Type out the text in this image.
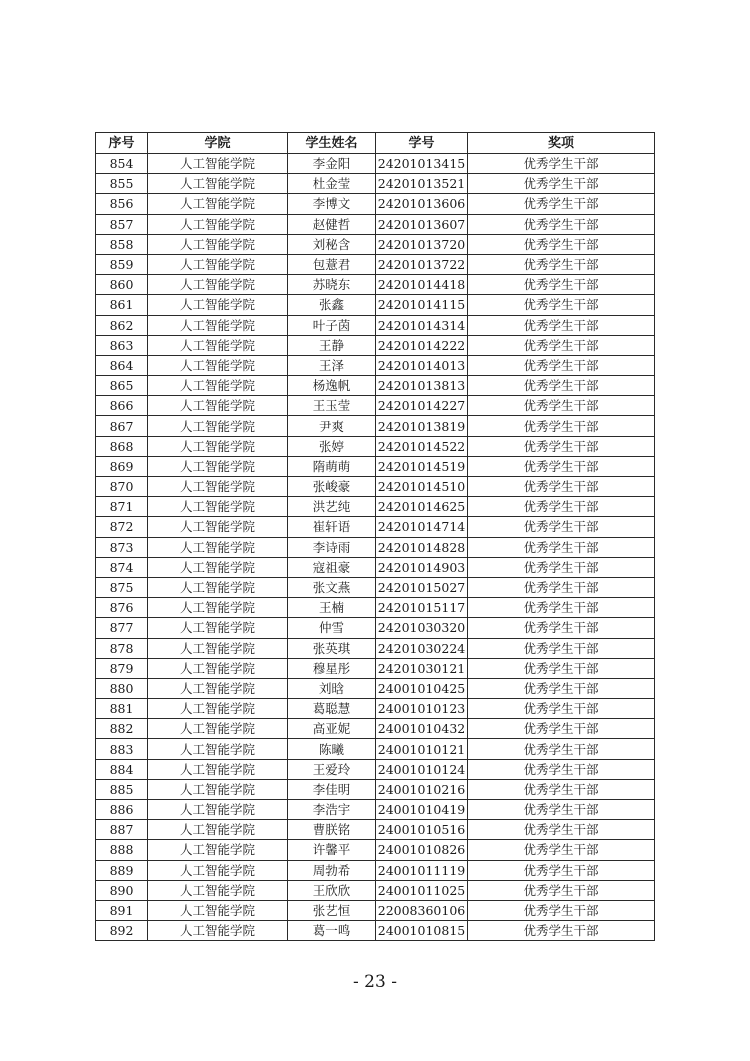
序号	学院	学生姓名	学号	奖项
854	人工智能学院	李金阳	24201013415	优秀学生干部
855	人工智能学院	杜金莹	24201013521	优秀学生干部
856	人工智能学院	李博文	24201013606	优秀学生干部
857	人工智能学院	赵健哲	24201013607	优秀学生干部
858	人工智能学院	刘秘含	24201013720	优秀学生干部
859	人工智能学院	包薏君	24201013722	优秀学生干部
860	人工智能学院	苏晓东	24201014418	优秀学生干部
861	人工智能学院	张鑫	24201014115	优秀学生干部
862	人工智能学院	叶子茵	24201014314	优秀学生干部
863	人工智能学院	王静	24201014222	优秀学生干部
864	人工智能学院	王泽	24201014013	优秀学生干部
865	人工智能学院	杨逸帆	24201013813	优秀学生干部
866	人工智能学院	王玉莹	24201014227	优秀学生干部
867	人工智能学院	尹爽	24201013819	优秀学生干部
868	人工智能学院	张婷	24201014522	优秀学生干部
869	人工智能学院	隋萌萌	24201014519	优秀学生干部
870	人工智能学院	张峻豪	24201014510	优秀学生干部
871	人工智能学院	洪艺纯	24201014625	优秀学生干部
872	人工智能学院	崔轩语	24201014714	优秀学生干部
873	人工智能学院	李诗雨	24201014828	优秀学生干部
874	人工智能学院	寇祖豪	24201014903	优秀学生干部
875	人工智能学院	张文燕	24201015027	优秀学生干部
876	人工智能学院	王楠	24201015117	优秀学生干部
877	人工智能学院	仲雪	24201030320	优秀学生干部
878	人工智能学院	张英琪	24201030224	优秀学生干部
879	人工智能学院	穆星彤	24201030121	优秀学生干部
880	人工智能学院	刘晗	24001010425	优秀学生干部
881	人工智能学院	葛聪慧	24001010123	优秀学生干部
882	人工智能学院	高亚妮	24001010432	优秀学生干部
883	人工智能学院	陈曦	24001010121	优秀学生干部
884	人工智能学院	王爱玲	24001010124	优秀学生干部
885	人工智能学院	李佳明	24001010216	优秀学生干部
886	人工智能学院	李浩宇	24001010419	优秀学生干部
887	人工智能学院	曹朕铭	24001010516	优秀学生干部
888	人工智能学院	许馨平	24001010826	优秀学生干部
889	人工智能学院	周勃希	24001011119	优秀学生干部
890	人工智能学院	王欣欣	24001011025	优秀学生干部
891	人工智能学院	张艺恒	22008360106	优秀学生干部
892	人工智能学院	葛一鸣	24001010815	优秀学生干部
- 23 -
